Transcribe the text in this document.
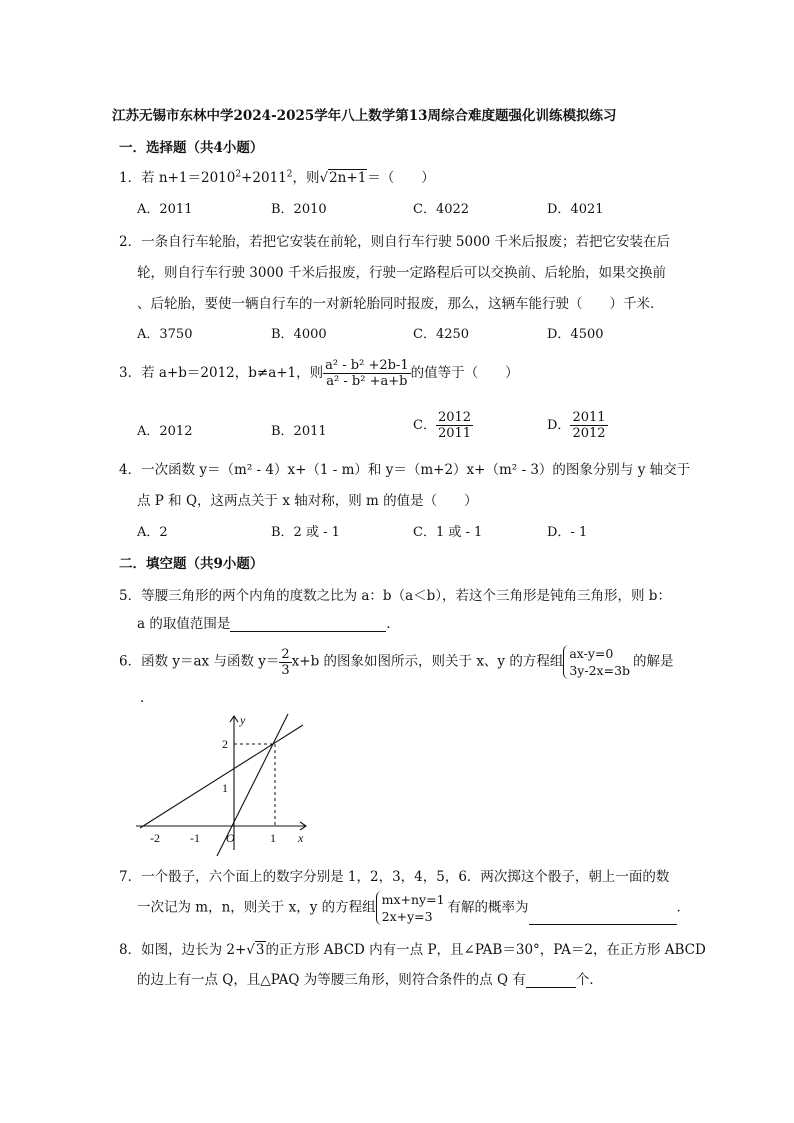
江苏无锡市东林中学2024-2025学年八上数学第13周综合难度题强化训练模拟练习
一．选择题（共4小题）
1．若 $n+1=2010^2+2011^2$，则√2n+1＝（　　）
A．2011	B．2010	C．4022	D．4021
2．一条自行车轮胎，若把它安装在前轮，则自行车行驶 5000 千米后报废；若把它安装在后
轮，则自行车行驶 3000 千米后报废，行驶一定路程后可以交换前、后轮胎，如果交换前
、后轮胎，要使一辆自行车的一对新轮胎同时报废，那么，这辆车能行驶（　　）千米．
A．3750	B．4000	C．4250	D．4500
3．若 a+b＝2012，b≠a+1，则 $\frac{\text{a² - b² +2b-1}}{\text{a² - b² +a+b}}$ 的值等于（　　）
A．2012	B．2011	C． $\frac{2012}{2011}$	D． $\frac{2011}{2012}$
4．一次函数 y＝（m² - 4）x+（1 - m）和 y＝（m+2）x+（m² - 3）的图象分别与 y 轴交于
点 P 和 Q，这两点关于 x 轴对称，则 m 的值是（　　）
A．2	B．2 或 - 1	C．1 或 - 1	D．- 1
二．填空题（共9小题）
5．等腰三角形的两个内角的度数之比为 a：b（a＜b），若这个三角形是钝角三角形，则 b：
a 的取值范围是	．
6．函数 y＝ax 与函数 $y= \frac{2}{3} x+b$ 的图象如图所示，则关于 x、y 的方程组 ax-y=0
3y-2x=3b的解是
．
y
x
O
-2	-1	1
1
2
7．一个骰子，六个面上的数字分别是 1，2，3，4，5，6．两次掷这个骰子，朝上一面的数
一次记为 m，n，则关于 x，y 的方程组 mx+ny=1
2x+y=3有解的概率为	．
8．如图，边长为 2+√3的正方形 ABCD 内有一点 P，且∠PAB＝30°，PA＝2，在正方形 ABCD
的边上有一点 Q，且△PAQ 为等腰三角形，则符合条件的点 Q 有	个．
